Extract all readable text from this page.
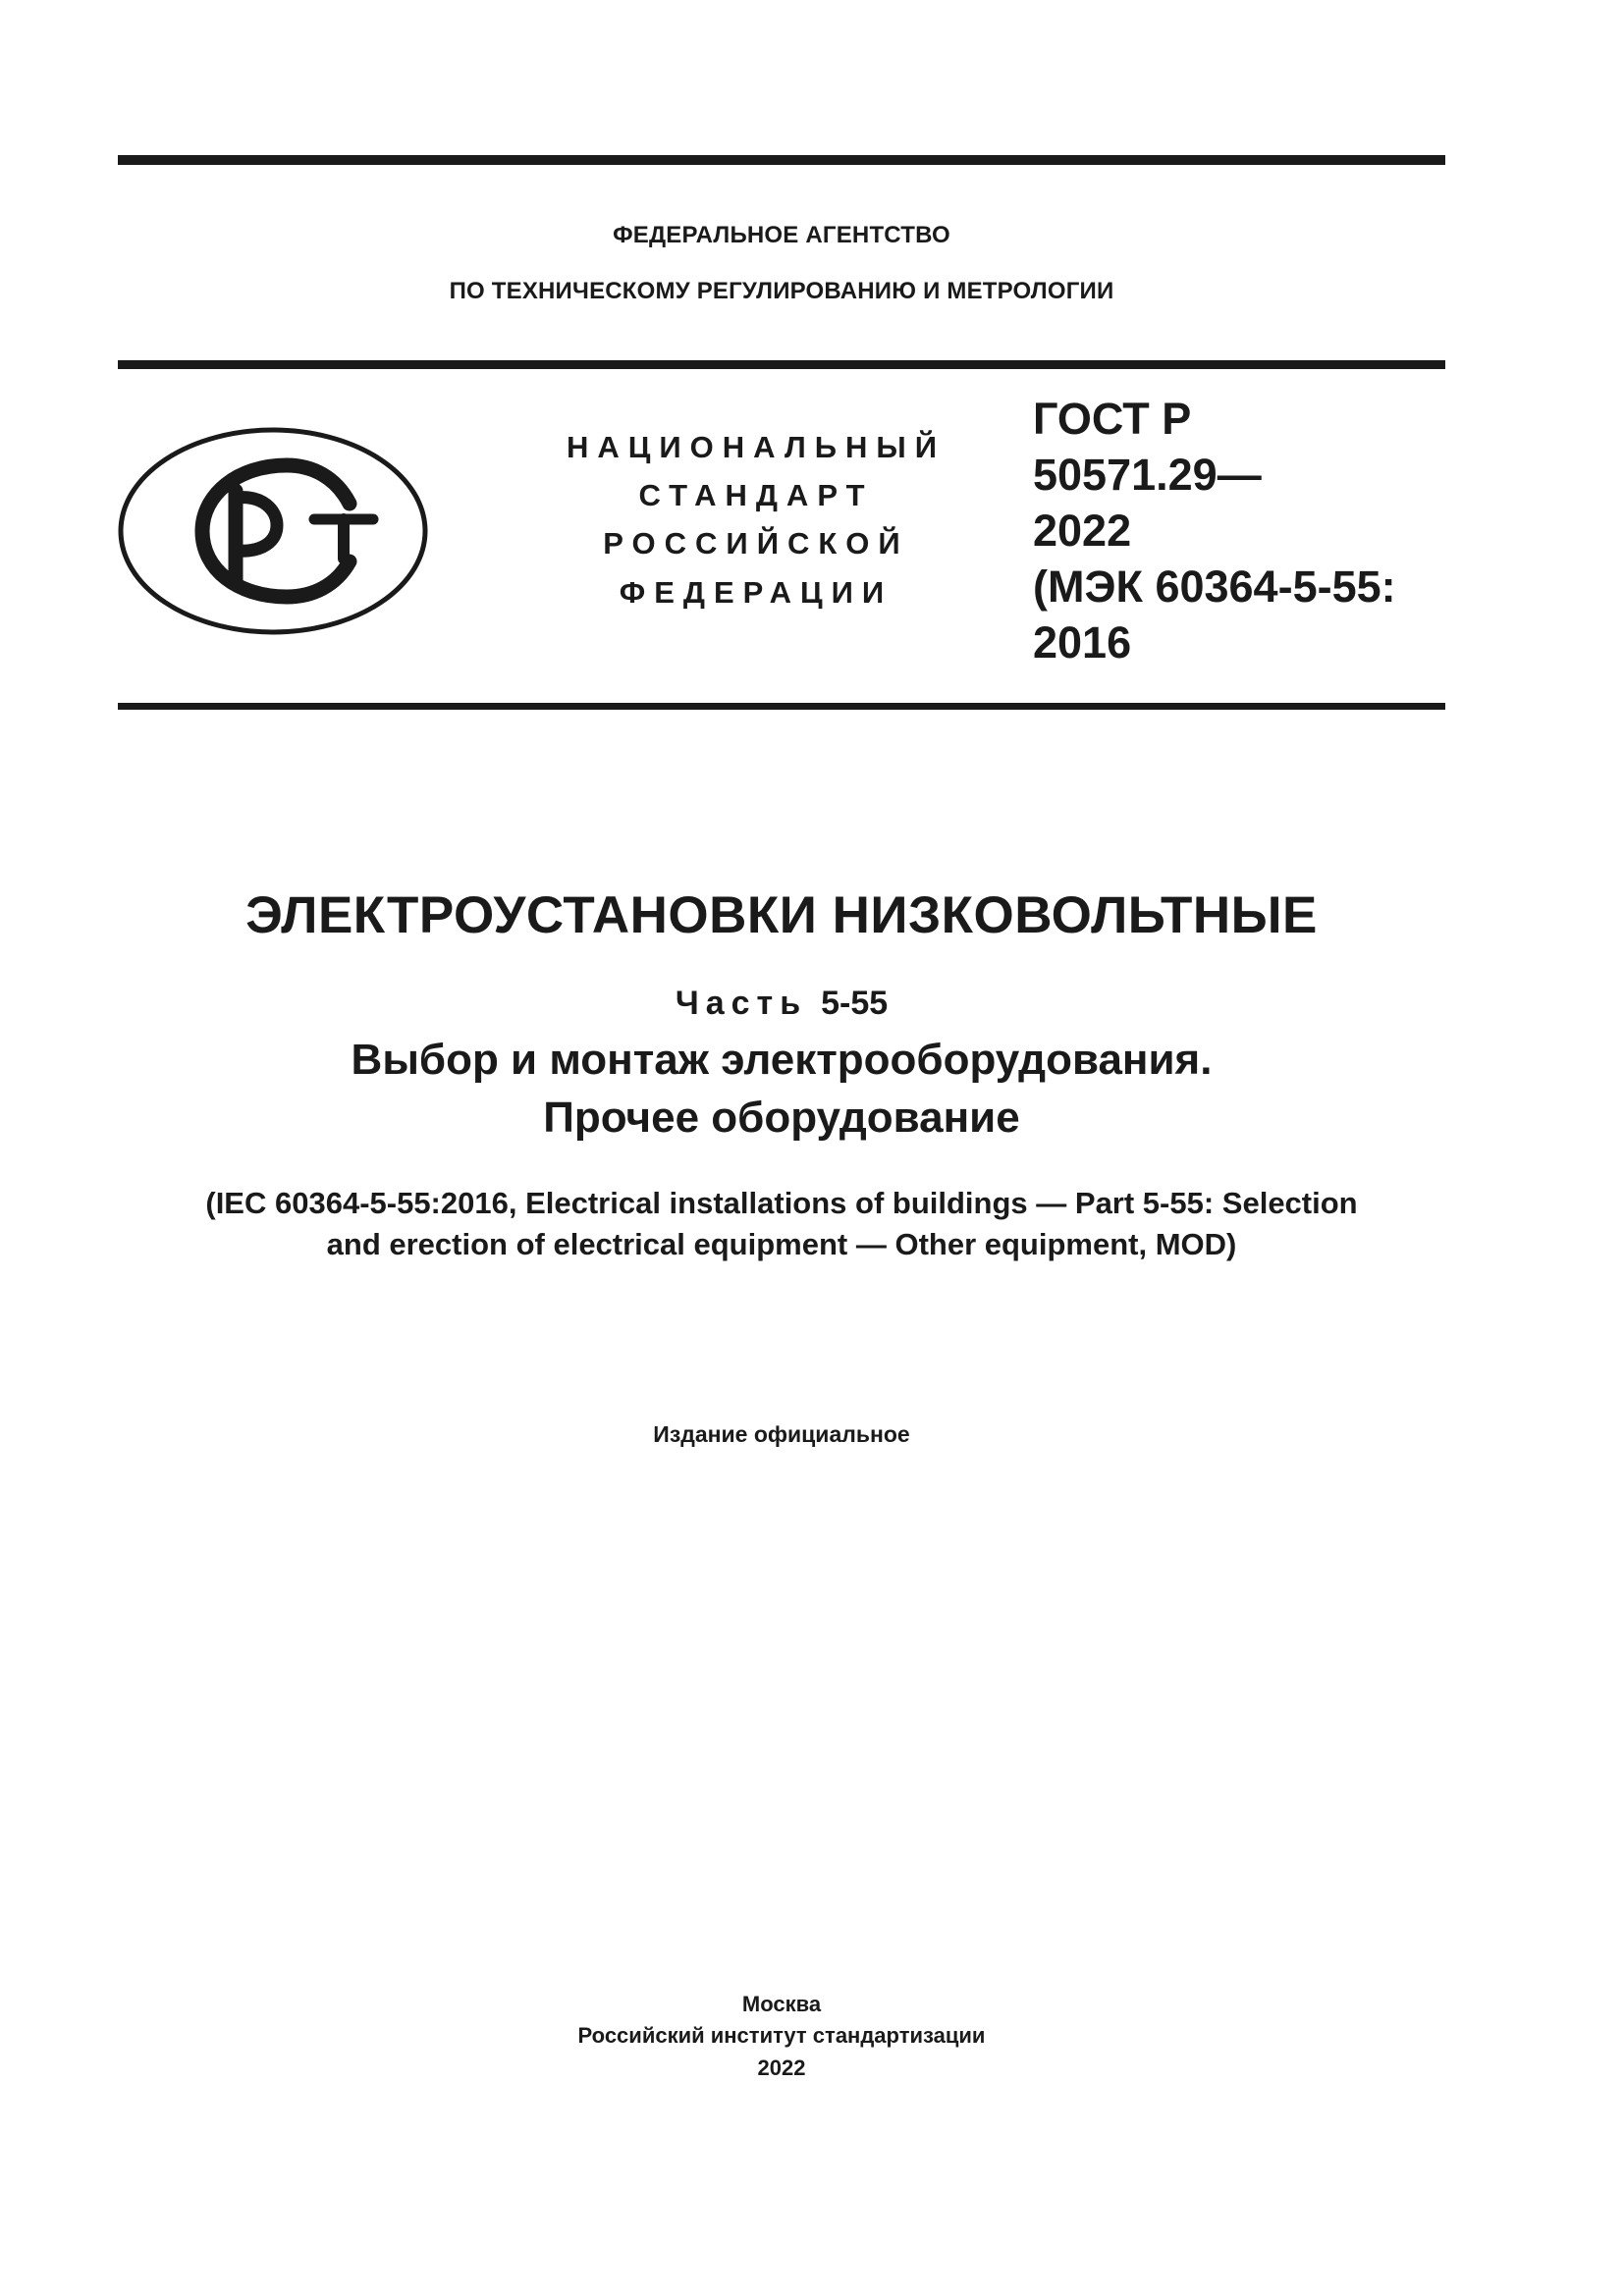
ФЕДЕРАЛЬНОЕ АГЕНТСТВО
ПО ТЕХНИЧЕСКОМУ РЕГУЛИРОВАНИЮ И МЕТРОЛОГИИ
НАЦИОНАЛЬНЫЙ
СТАНДАРТ
РОССИЙСКОЙ
ФЕДЕРАЦИИ
ГОСТ Р
50571.29—
2022
(МЭК 60364-5-55:
2016
ЭЛЕКТРОУСТАНОВКИ НИЗКОВОЛЬТНЫЕ
Часть 5-55
Выбор и монтаж электрооборудования.
Прочее оборудование
(IEC 60364-5-55:2016, Electrical installations of buildings — Part 5-55: Selection
and erection of electrical equipment — Other equipment, MOD)
Издание официальное
Москва
Российский институт стандартизации
2022
